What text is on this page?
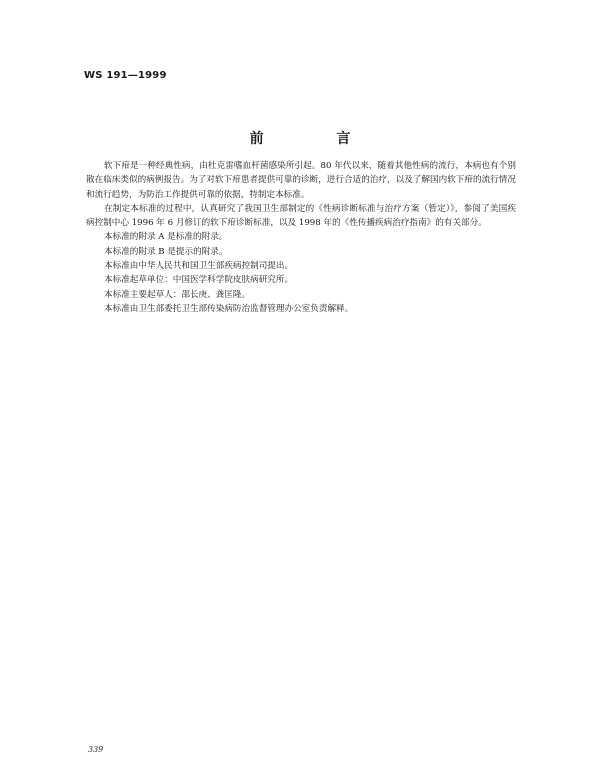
WS 191—1999
前 言

软下疳是一种经典性病，由杜克雷嗜血杆菌感染所引起。80 年代以来，随着其他性病的流行，本病也有个别散在临床类似的病例报告。为了对软下疳患者提供可靠的诊断，进行合适的治疗，以及了解国内软下疳的流行情况和流行趋势，为防治工作提供可靠的依据，特制定本标准。

在制定本标准的过程中，认真研究了我国卫生部制定的《性病诊断标准与治疗方案（暂定）》，参阅了美国疾病控制中心 1996 年 6 月修订的软下疳诊断标准，以及 1998 年的《性传播疾病治疗指南》的有关部分。

本标准的附录 A 是标准的附录。

本标准的附录 B 是提示的附录。

本标准由中华人民共和国卫生部疾病控制司提出。

本标准起草单位：中国医学科学院皮肤病研究所。

本标准主要起草人：邵长庚、龚匡隆。

本标准由卫生部委托卫生部传染病防治监督管理办公室负责解释。

339
